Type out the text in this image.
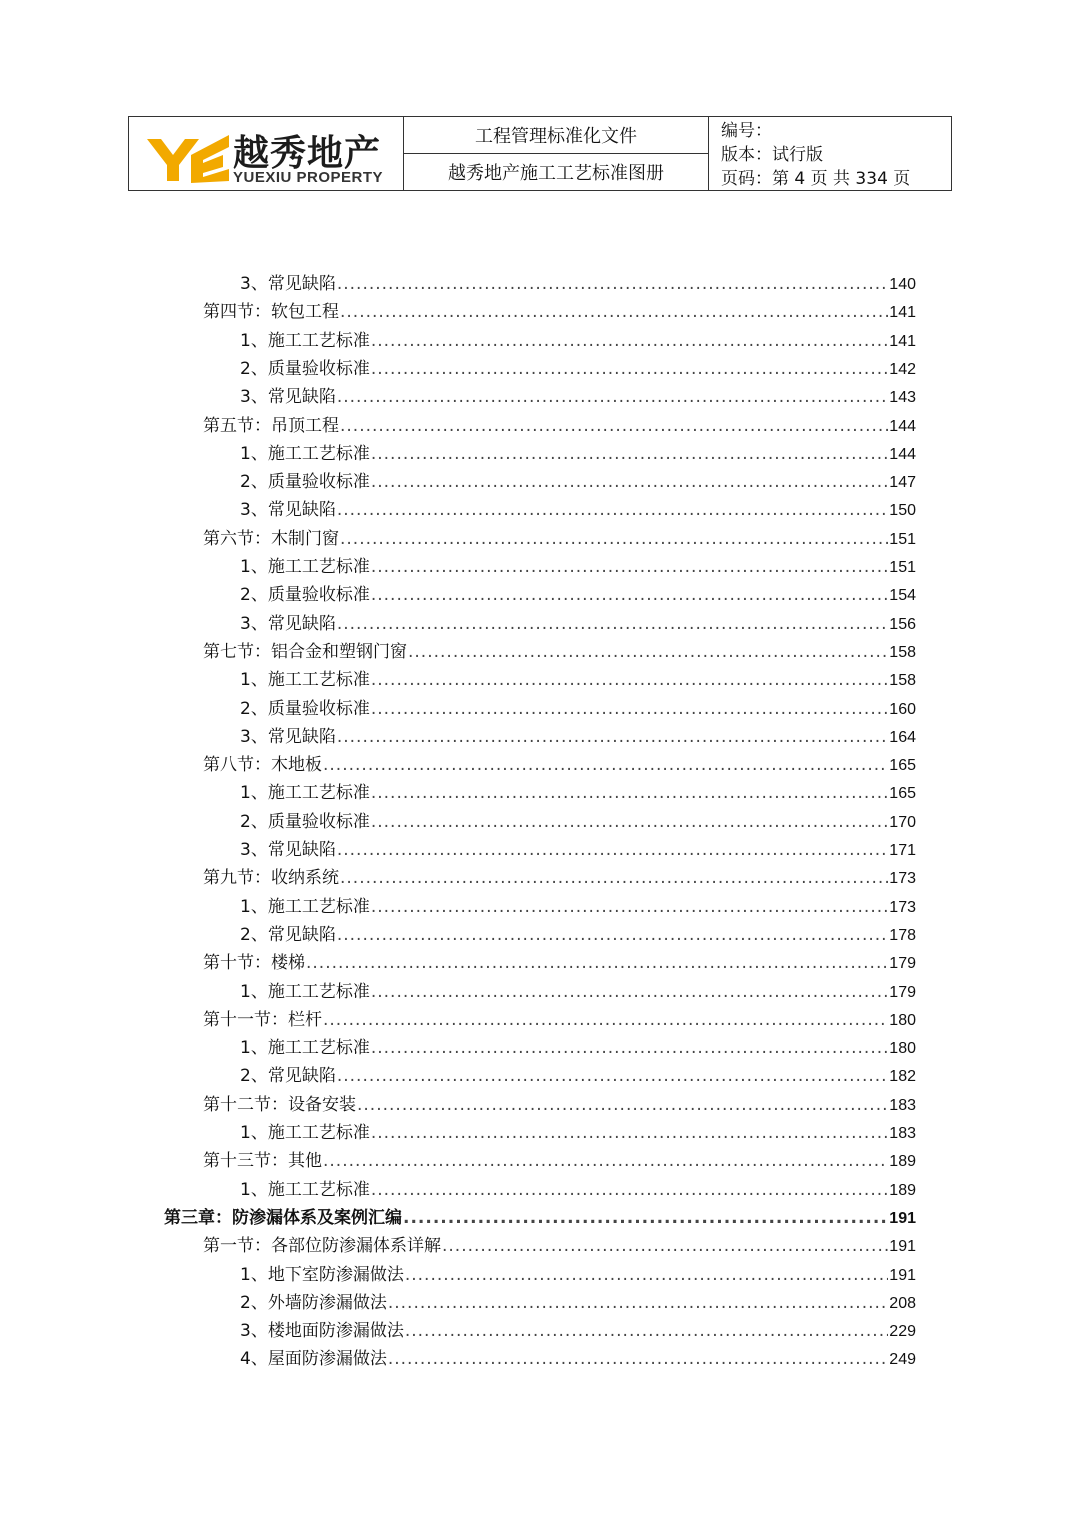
越秀地产
YUEXIU PROPERTY
工程管理标准化文件
越秀地产施工工艺标准图册
编号：
版本：试行版
页码：第 4 页 共 334 页
3、常见缺陷 .....	140
第四节：软包工程 .....	141
1、施工工艺标准 .....	141
2、质量验收标准 .....	142
3、常见缺陷 .....	143
第五节：吊顶工程 .....	144
1、施工工艺标准 .....	144
2、质量验收标准 .....	147
3、常见缺陷 .....	150
第六节：木制门窗 .....	151
1、施工工艺标准 .....	151
2、质量验收标准 .....	154
3、常见缺陷 .....	156
第七节：铝合金和塑钢门窗 .....	158
1、施工工艺标准 .....	158
2、质量验收标准 .....	160
3、常见缺陷 .....	164
第八节：木地板 .....	165
1、施工工艺标准 .....	165
2、质量验收标准 .....	170
3、常见缺陷 .....	171
第九节：收纳系统 .....	173
1、施工工艺标准 .....	173
2、常见缺陷 .....	178
第十节：楼梯 .....	179
1、施工工艺标准 .....	179
第十一节：栏杆 .....	180
1、施工工艺标准 .....	180
2、常见缺陷 .....	182
第十二节：设备安装 .....	183
1、施工工艺标准 .....	183
第十三节：其他 .....	189
1、施工工艺标准 .....	189
第三章：防渗漏体系及案例汇编 .....	191
第一节：各部位防渗漏体系详解 .....	191
1、地下室防渗漏做法 .....	191
2、外墙防渗漏做法 .....	208
3、楼地面防渗漏做法 .....	229
4、屋面防渗漏做法 .....	249
